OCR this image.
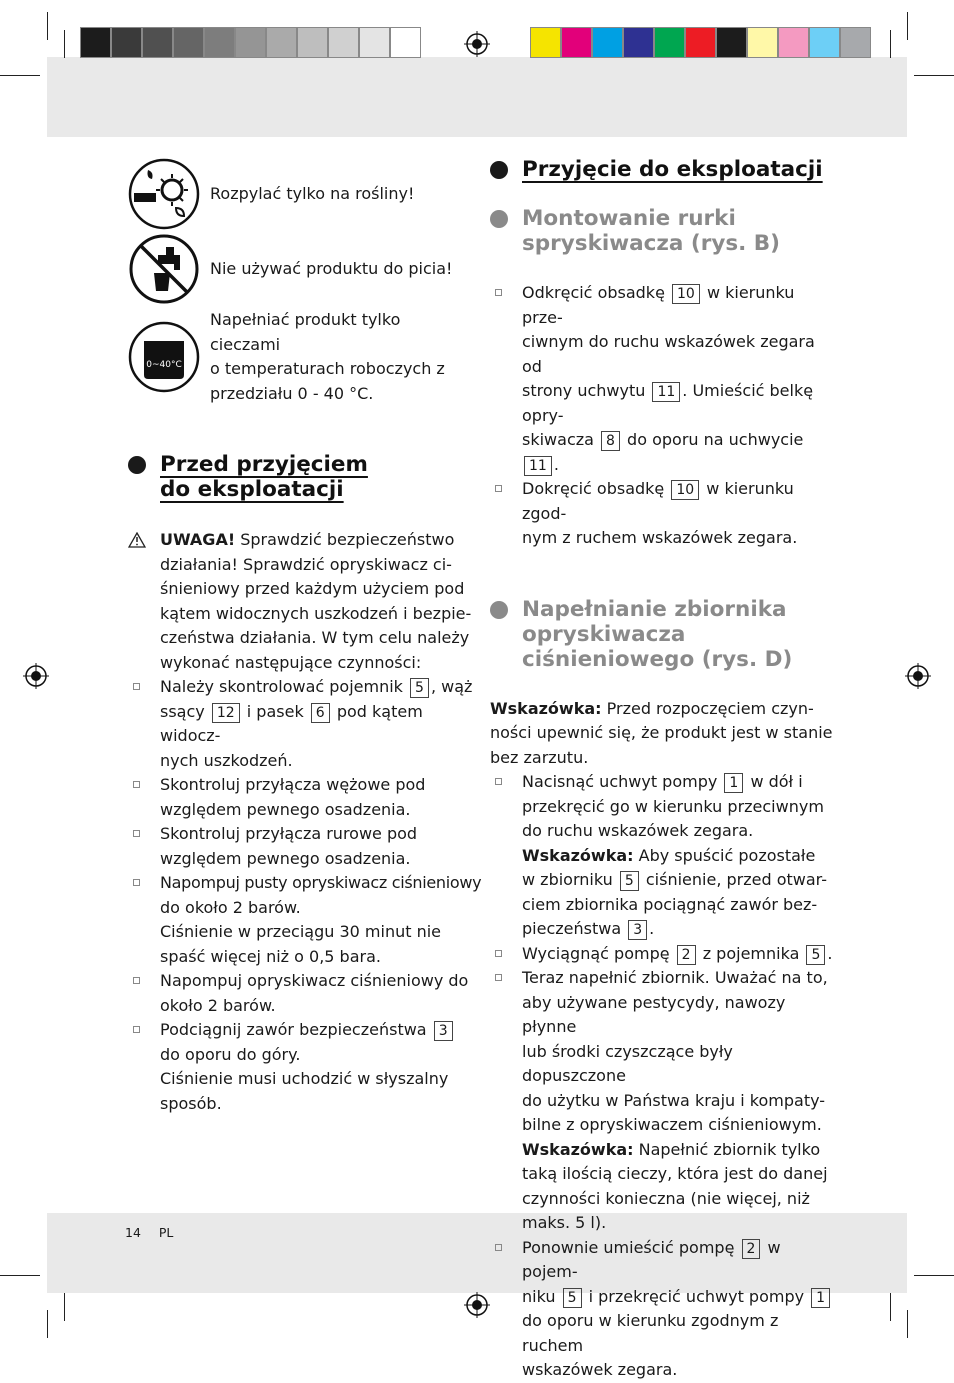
Rozpylać tylko na rośliny!
Nie używać produktu do picia!
0~40°C
Napełniać produkt tylko cieczami
o temperaturach roboczych z
przedziału 0 - 40 °C.
Przed przyjęciem
do eksploatacji
UWAGA! Sprawdzić bezpieczeństwo
działania! Sprawdzić opryskiwacz ci-
śnieniowy przed każdym użyciem pod
kątem widocznych uszkodzeń i bezpie-
czeństwa działania. W tym celu należy
wykonać następujące czynności:
Należy skontrolować pojemnik 5 , wąż
ssący 12 i pasek 6 pod kątem widocz-
nych uszkodzeń.
Skontroluj przyłącza wężowe pod
względem pewnego osadzenia.
Skontroluj przyłącza rurowe pod
względem pewnego osadzenia.
Napompuj pusty opryskiwacz ciśnieniowy
do około 2 barów.
Ciśnienie w przeciągu 30 minut nie
spaść więcej niż o 0,5 bara.
Napompuj opryskiwacz ciśnieniowy do
około 2 barów.
Podciągnij zawór bezpieczeństwa 3
do oporu do góry.
Ciśnienie musi uchodzić w słyszalny
sposób.
Przyjęcie do eksploatacji
Montowanie rurki
spryskiwacza (rys. B)
Odkręcić obsadkę 10 w kierunku prze-
ciwnym do ruchu wskazówek zegara od
strony uchwytu 11 . Umieścić belkę opry-
skiwacza 8 do oporu na uchwycie 11 .
Dokręcić obsadkę 10 w kierunku zgod-
nym z ruchem wskazówek zegara.
Napełnianie zbiornika
opryskiwacza
ciśnieniowego (rys. D)
Wskazówka: Przed rozpoczęciem czyn-
ności upewnić się, że produkt jest w stanie
bez zarzutu.
Nacisnąć uchwyt pompy 1 w dół i
przekręcić go w kierunku przeciwnym
do ruchu wskazówek zegara.
Wskazówka: Aby spuścić pozostałe
w zbiorniku 5 ciśnienie, przed otwar-
ciem zbiornika pociągnąć zawór bez-
pieczeństwa 3 .
Wyciągnąć pompę 2 z pojemnika 5 .
Teraz napełnić zbiornik. Uważać na to,
aby używane pestycydy, nawozy płynne
lub środki czyszczące były dopuszczone
do użytku w Państwa kraju i kompaty-
bilne z opryskiwaczem ciśnieniowym.
Wskazówka: Napełnić zbiornik tylko
taką ilością cieczy, która jest do danej
czynności konieczna (nie więcej, niż
maks. 5 l).
Ponownie umieścić pompę 2 w pojem-
niku 5 i przekręcić uchwyt pompy 1
do oporu w kierunku zgodnym z ruchem
wskazówek zegara.
14 PL
